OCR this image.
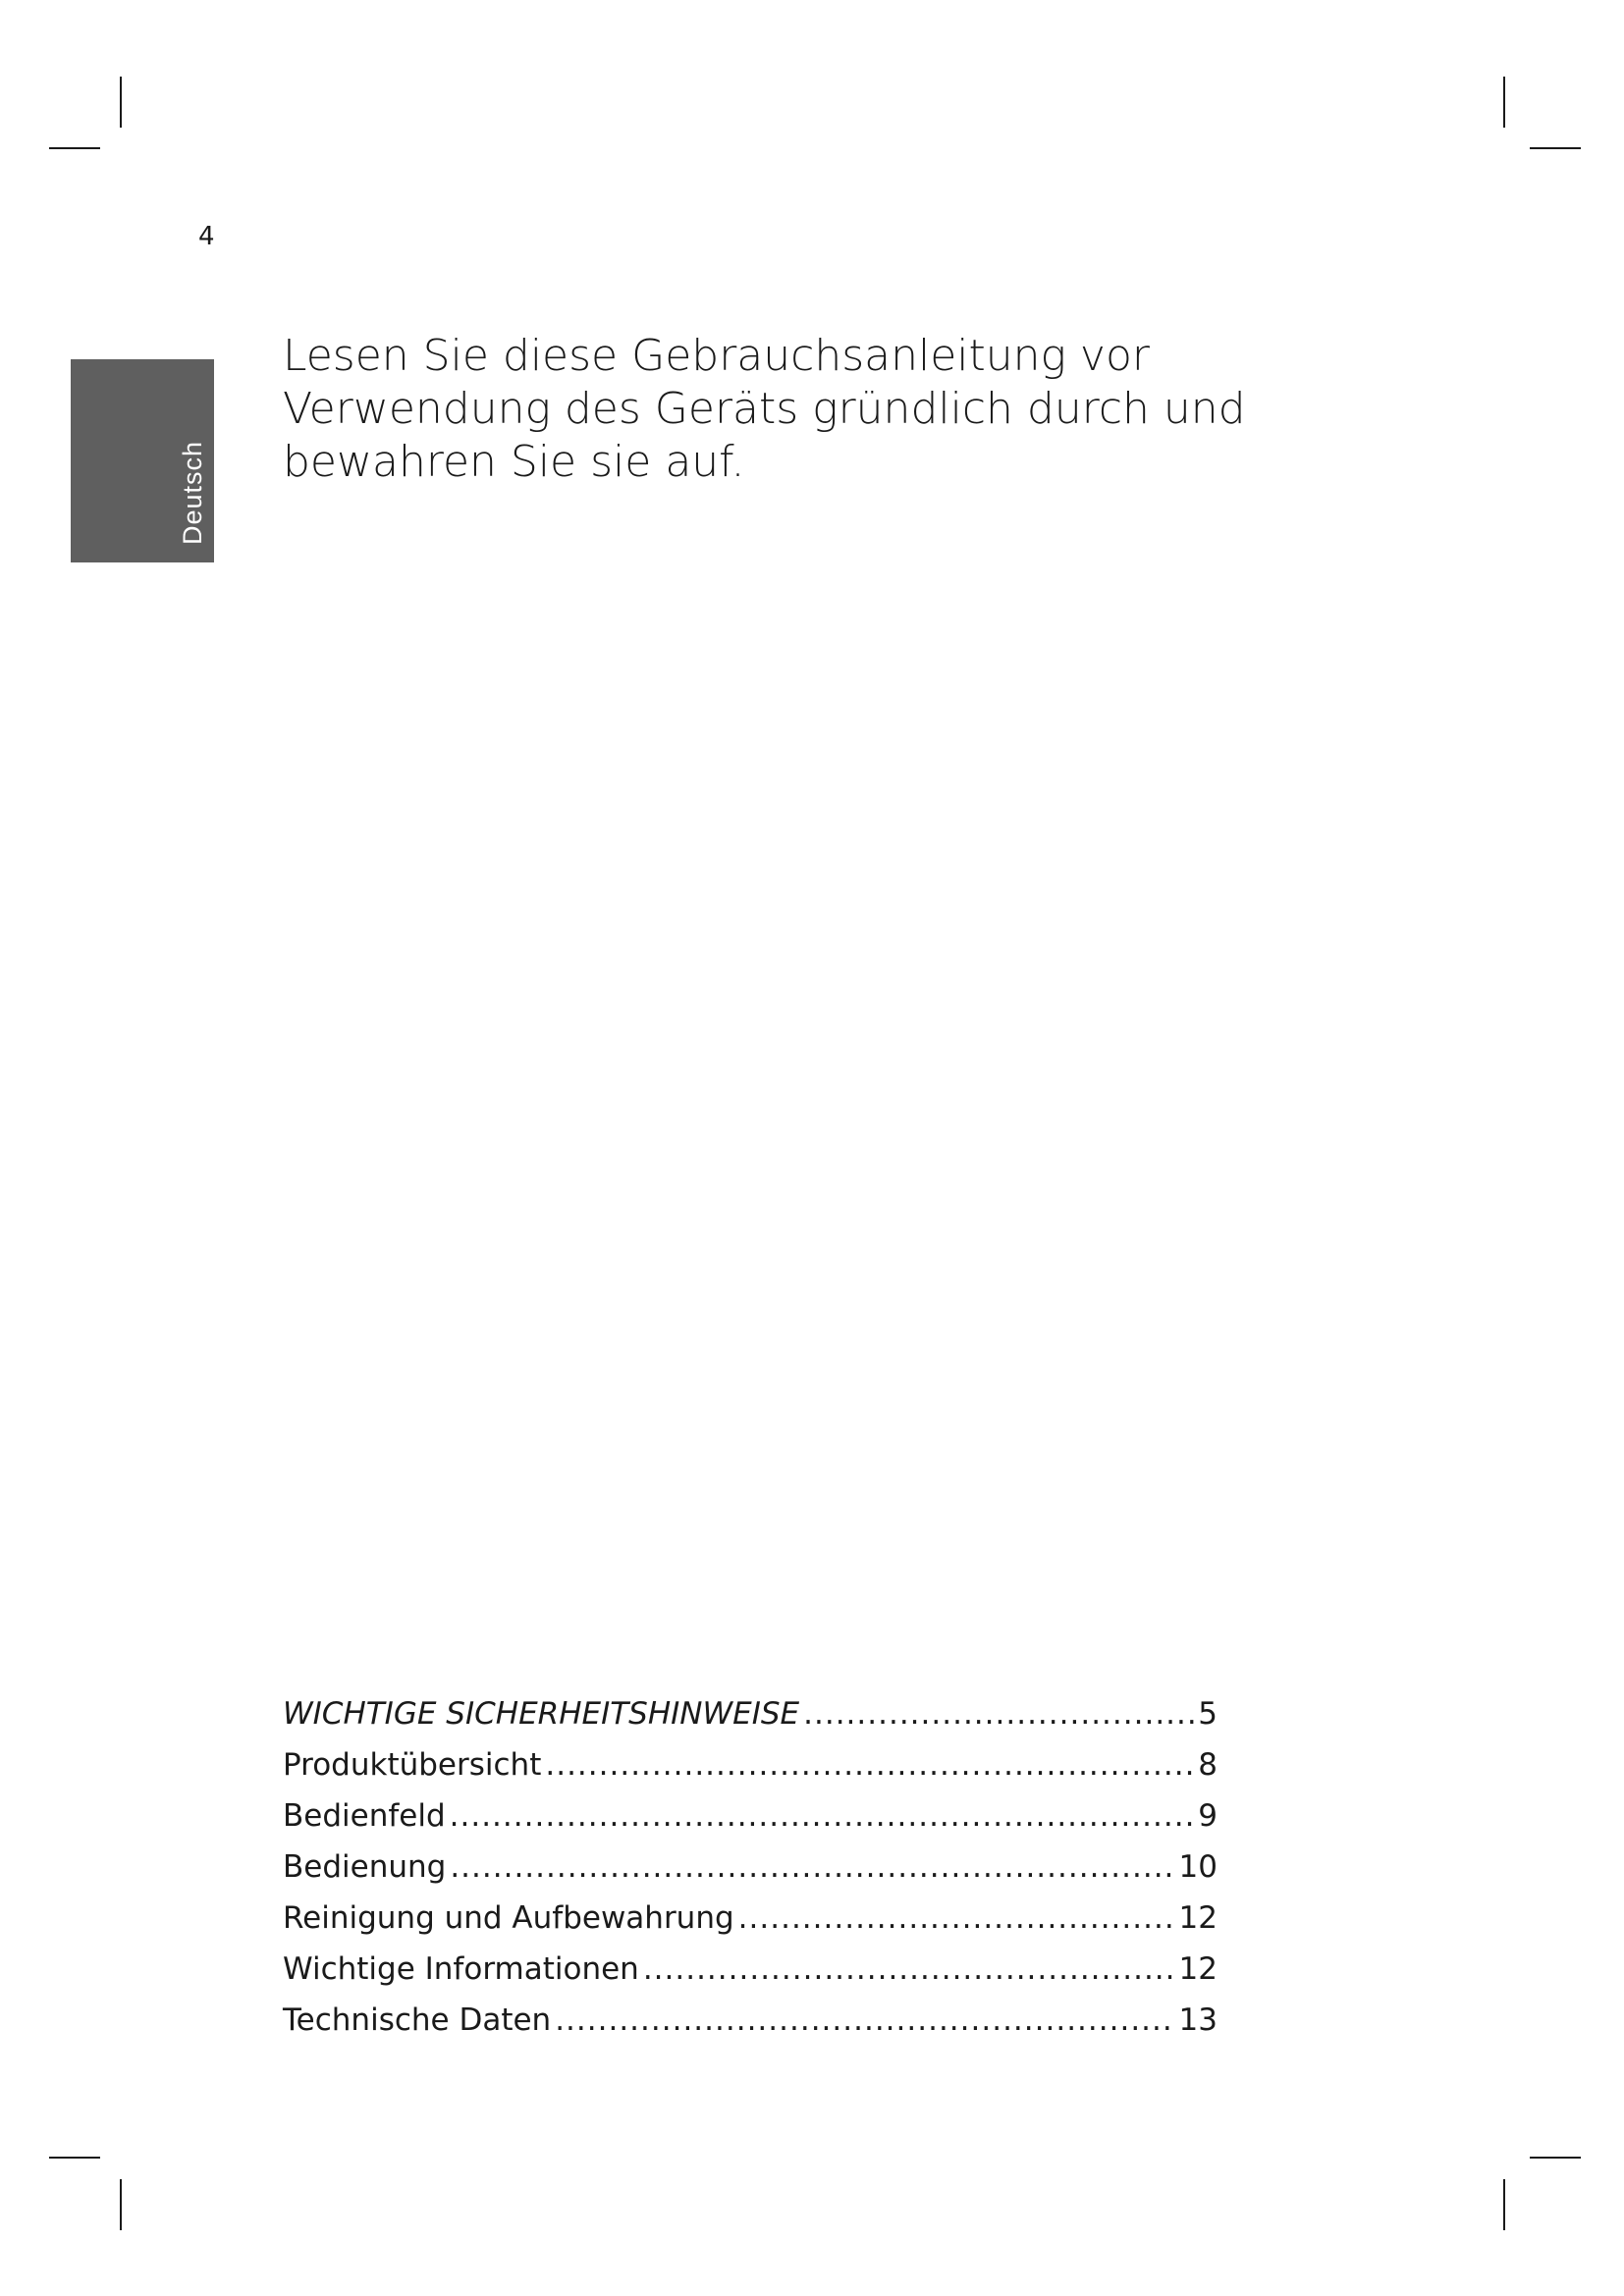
4
Deutsch

Lesen Sie diese Gebrauchsanleitung vor
Verwendung des Geräts gründlich durch und
bewahren Sie sie auf.

WICHTIGE SICHERHEITSHINWEISE .....	5
Produktübersicht .....	8
Bedienfeld .....	9
Bedienung .....	10
Reinigung und Aufbewahrung .....	12
Wichtige Informationen .....	12
Technische Daten .....	13
